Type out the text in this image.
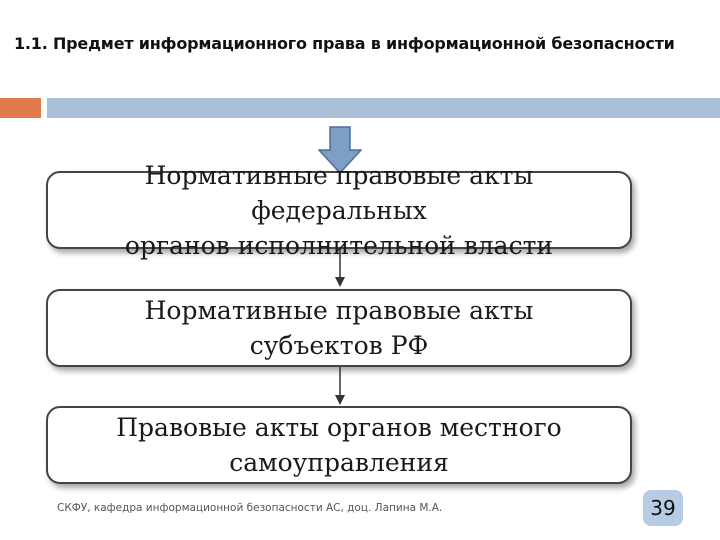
1.1. Предмет информационного права в информационной безопасности
Нормативные правовые акты федеральных
органов исполнительной власти
Нормативные правовые акты
субъектов РФ
Правовые акты органов местного
самоуправления
СКФУ, кафедра информационной безопасности АС, доц. Лапина М.А.	39
